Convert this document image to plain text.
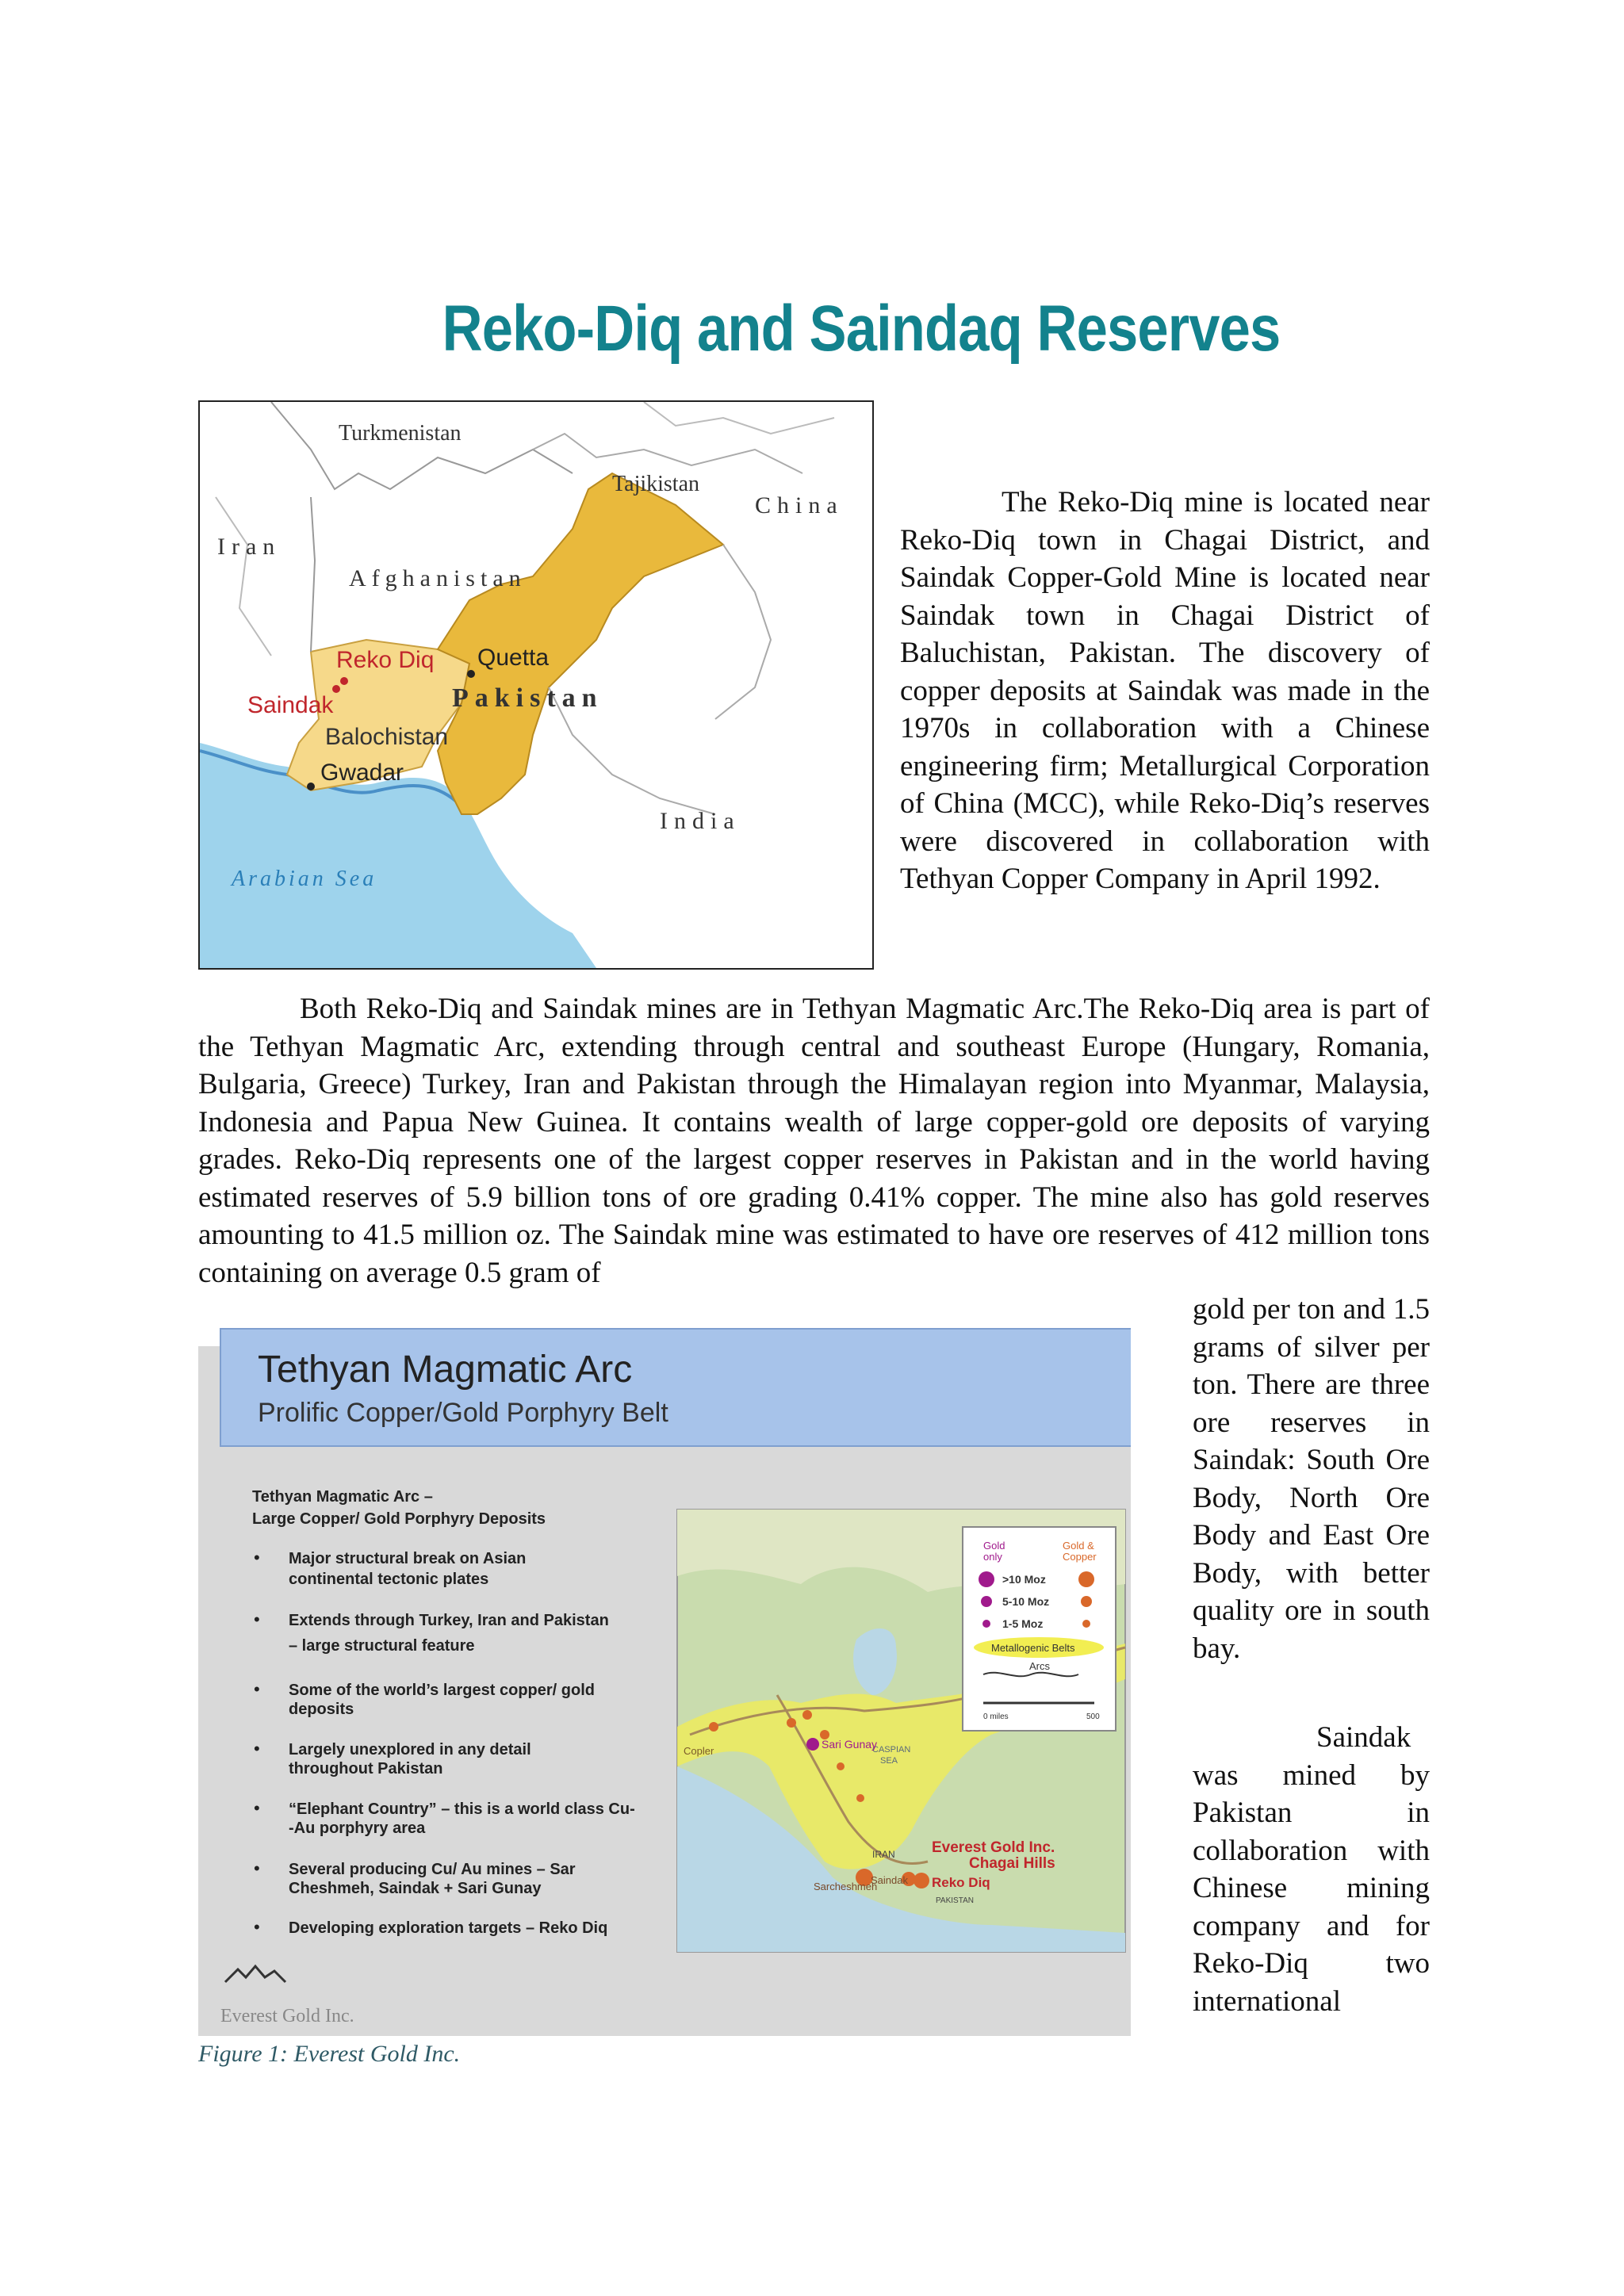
Reko-Diq and Saindaq Reserves
Turkmenistan
Tajikistan
China
Iran
Afghanistan
Reko Diq Quetta
Pakistan
Saindak
Balochistan
Gwadar
India
Arabian Sea

The Reko-Diq mine is located near Reko-Diq town in Chagai District, and Saindak Copper-Gold Mine is located near Saindak town in Chagai District of Baluchistan, Pakistan. The discovery of copper deposits at Saindak was made in the 1970s in collaboration with a Chinese engineering firm; Metallurgical Corporation of China (MCC), while Reko-Diq’s reserves were discovered in collaboration with Tethyan Copper Company in April 1992.

Both Reko-Diq and Saindak mines are in Tethyan Magmatic Arc.The Reko-Diq area is part of the Tethyan Magmatic Arc, extending through central and southeast Europe (Hungary, Romania, Bulgaria, Greece) Turkey, Iran and Pakistan through the Himalayan region into Myanmar, Malaysia, Indonesia and Papua New Guinea. It contains wealth of large copper-gold ore deposits of varying grades. Reko-Diq represents one of the largest copper reserves in Pakistan and in the world having estimated reserves of 5.9 billion tons of ore grading 0.41% copper. The mine also has gold reserves amounting to 41.5 million oz. The Saindak mine was estimated to have ore reserves of 412 million tons containing on average 0.5 gram of

gold per ton and 1.5 grams of silver per ton. There are three ore reserves in Saindak: South Ore Body, North Ore Body and East Ore Body, with better quality ore in south bay.

Saindak was mined by Pakistan in collaboration with Chinese mining company and for Reko-Diq two international

Tethyan Magmatic Arc
Prolific Copper/Gold Porphyry Belt
Tethyan Magmatic Arc –
Large Copper/ Gold Porphyry Deposits
• Major structural break on Asian
continental tectonic plates
• Extends through Turkey, Iran and Pakistan
– large structural feature
• Some of the world’s largest copper/ gold
deposits
• Largely unexplored in any detail
throughout Pakistan
• “Elephant Country” – this is a world class Cu-
-Au porphyry area
• Several producing Cu/ Au mines – Sar
Cheshmeh, Saindak + Sari Gunay
• Developing exploration targets – Reko Diq
Copler	CASPIAN
SEA
Sari Gunay
IRAN
Sarcheshmeh
Saindak Reko Diq
PAKISTAN
Everest Gold Inc.
Chagai Hills
Gold
only
Gold &
Copper
>10 Moz
5-10 Moz
1-5 Moz
Metallogenic Belts
Arcs
0 miles	500
Everest Gold Inc.
Figure 1: Everest Gold Inc.
